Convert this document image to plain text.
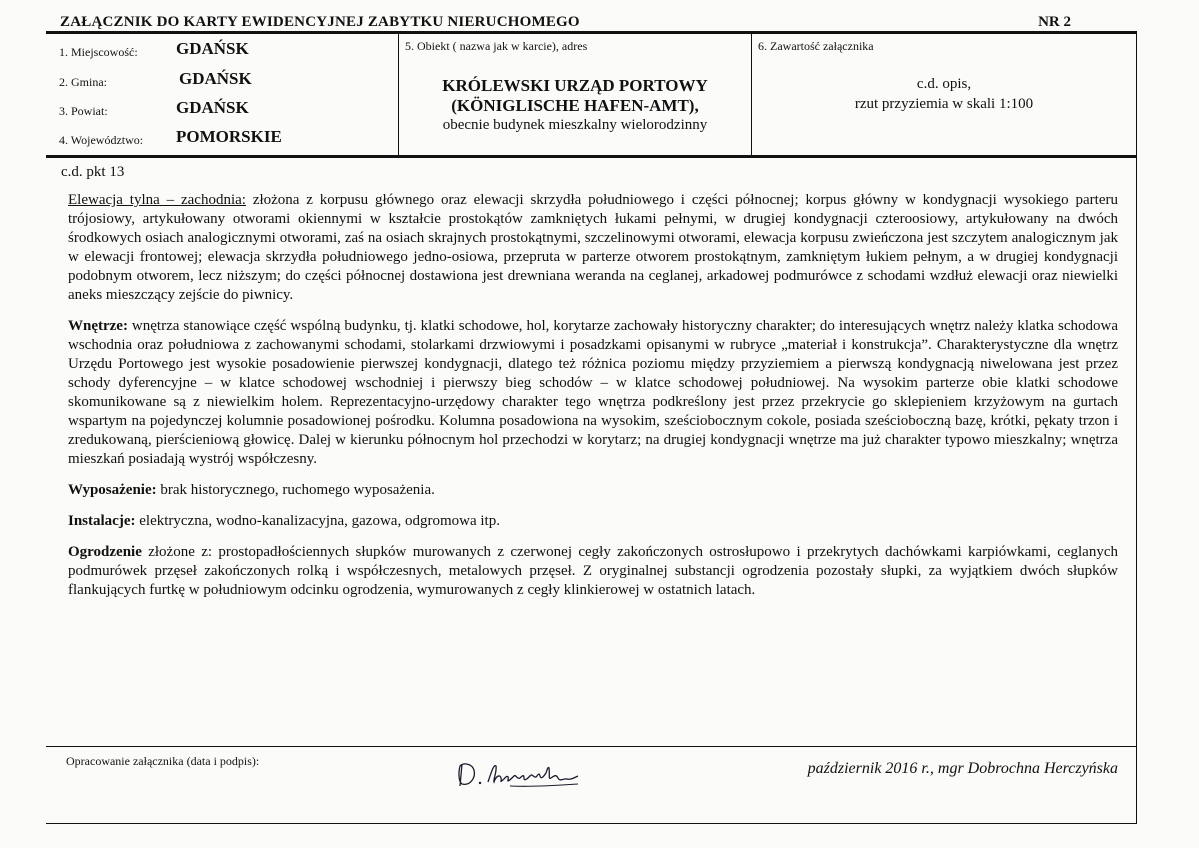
ZAŁĄCZNIK DO KARTY EWIDENCYJNEJ ZABYTKU NIERUCHOMEGO	NR 2
1. Miejscowość: GDAŃSK
2. Gmina:	GDAŃSK
3. Powiat:	GDAŃSK
4. Województwo: POMORSKIE
5. Obiekt ( nazwa jak w karcie), adres
KRÓLEWSKI URZĄD PORTOWY
(KÖNIGLISCHE HAFEN-AMT),
obecnie budynek mieszkalny wielorodzinny
6. Zawartość załącznika
c.d. opis,
rzut przyziemia w skali 1:100
c.d. pkt 13

Elewacja tylna – zachodnia: złożona z korpusu głównego oraz elewacji skrzydła południowego i części północnej; korpus główny w kondygnacji wysokiego parteru trójosiowy, artykułowany otworami okiennymi w kształcie prostokątów zamkniętych łukami pełnymi, w drugiej kondygnacji czteroosiowy, artykułowany na dwóch środkowych osiach analogicznymi otworami, zaś na osiach skrajnych prostokątnymi, szczelinowymi otworami, elewacja korpusu zwieńczona jest szczytem analogicznym jak w elewacji frontowej; elewacja skrzydła południowego jedno-osiowa, przepruta w parterze otworem prostokątnym, zamkniętym łukiem pełnym, a w drugiej kondygnacji podobnym otworem, lecz niższym; do części północnej dostawiona jest drewniana weranda na ceglanej, arkadowej podmurówce z schodami wzdłuż elewacji oraz niewielki aneks mieszczący zejście do piwnicy.

Wnętrze: wnętrza stanowiące część wspólną budynku, tj. klatki schodowe, hol, korytarze zachowały historyczny charakter; do interesujących wnętrz należy klatka schodowa wschodnia oraz południowa z zachowanymi schodami, stolarkami drzwiowymi i posadzkami opisanymi w rubryce „materiał i konstrukcja”. Charakterystyczne dla wnętrz Urzędu Portowego jest wysokie posadowienie pierwszej kondygnacji, dlatego też różnica poziomu między przyziemiem a pierwszą kondygnacją niwelowana jest przez schody dyferencyjne – w klatce schodowej wschodniej i pierwszy bieg schodów – w klatce schodowej południowej. Na wysokim parterze obie klatki schodowe skomunikowane są z niewielkim holem. Reprezentacyjno-urzędowy charakter tego wnętrza podkreślony jest przez przekrycie go sklepieniem krzyżowym na gurtach wspartym na pojedynczej kolumnie posadowionej pośrodku. Kolumna posadowiona na wysokim, sześciobocznym cokole, posiada sześcioboczną bazę, krótki, pękaty trzon i zredukowaną, pierścieniową głowicę. Dalej w kierunku północnym hol przechodzi w korytarz; na drugiej kondygnacji wnętrze ma już charakter typowo mieszkalny; wnętrza mieszkań posiadają wystrój współczesny.

Wyposażenie: brak historycznego, ruchomego wyposażenia.

Instalacje: elektryczna, wodno-kanalizacyjna, gazowa, odgromowa itp.

Ogrodzenie złożone z: prostopadłościennych słupków murowanych z czerwonej cegły zakończonych ostrosłupowo i przekrytych dachówkami karpiówkami, ceglanych podmurówek przęseł zakończonych rolką i współczesnych, metalowych przęseł. Z oryginalnej substancji ogrodzenia pozostały słupki, za wyjątkiem dwóch słupków flankujących furtkę w południowym odcinku ogrodzenia, wymurowanych z cegły klinkierowej w ostatnich latach.

Opracowanie załącznika (data i podpis):	październik 2016 r., mgr Dobrochna Herczyńska
